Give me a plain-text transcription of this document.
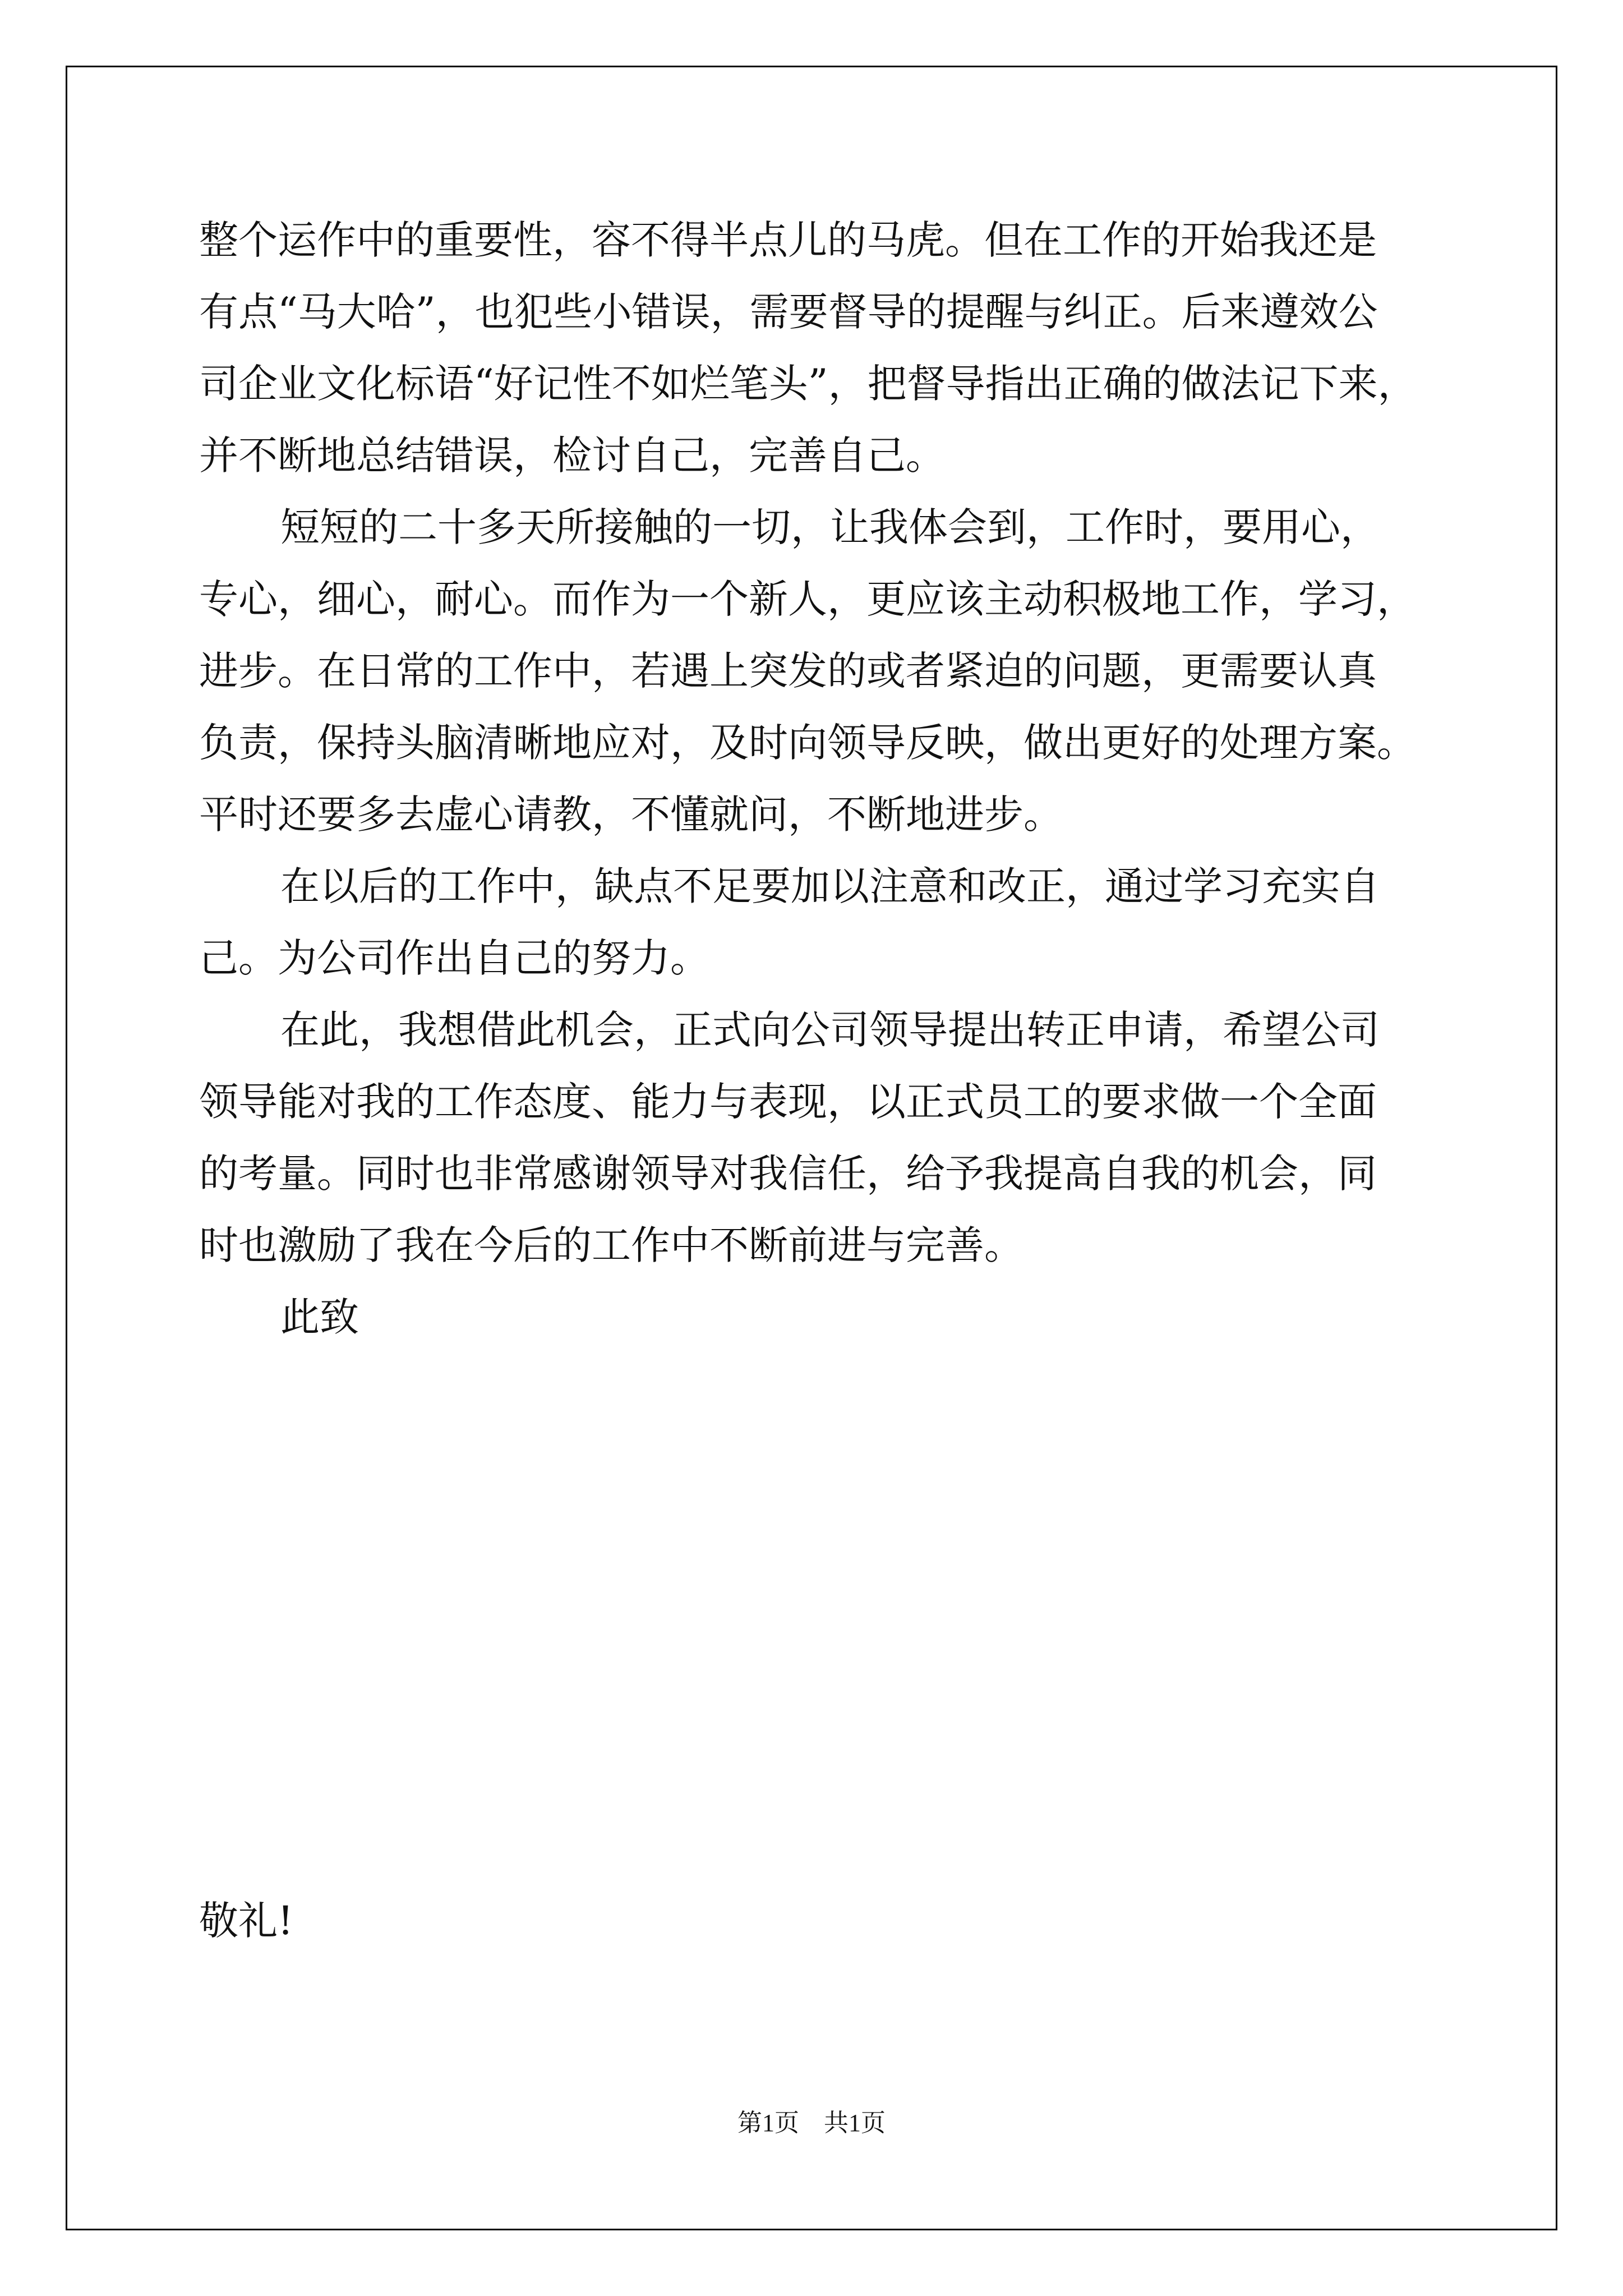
整个运作中的重要性，容不得半点儿的马虎。但在工作的开始我还是
有点“马大哈”，也犯些小错误，需要督导的提醒与纠正。后来遵效公
司企业文化标语“好记性不如烂笔头”，把督导指出正确的做法记下来，
并不断地总结错误，检讨自己，完善自己。
短短的二十多天所接触的一切，让我体会到，工作时，要用心，
专心，细心，耐心。而作为一个新人，更应该主动积极地工作，学习，
进步。在日常的工作中，若遇上突发的或者紧迫的问题，更需要认真
负责，保持头脑清晰地应对，及时向领导反映，做出更好的处理方案。
平时还要多去虚心请教，不懂就问，不断地进步。
在以后的工作中，缺点不足要加以注意和改正，通过学习充实自
己。为公司作出自己的努力。
在此，我想借此机会，正式向公司领导提出转正申请，希望公司
领导能对我的工作态度、能力与表现，以正式员工的要求做一个全面
的考量。同时也非常感谢领导对我信任，给予我提高自我的机会，同
时也激励了我在今后的工作中不断前进与完善。
此致
敬礼!
第1页　共1页
